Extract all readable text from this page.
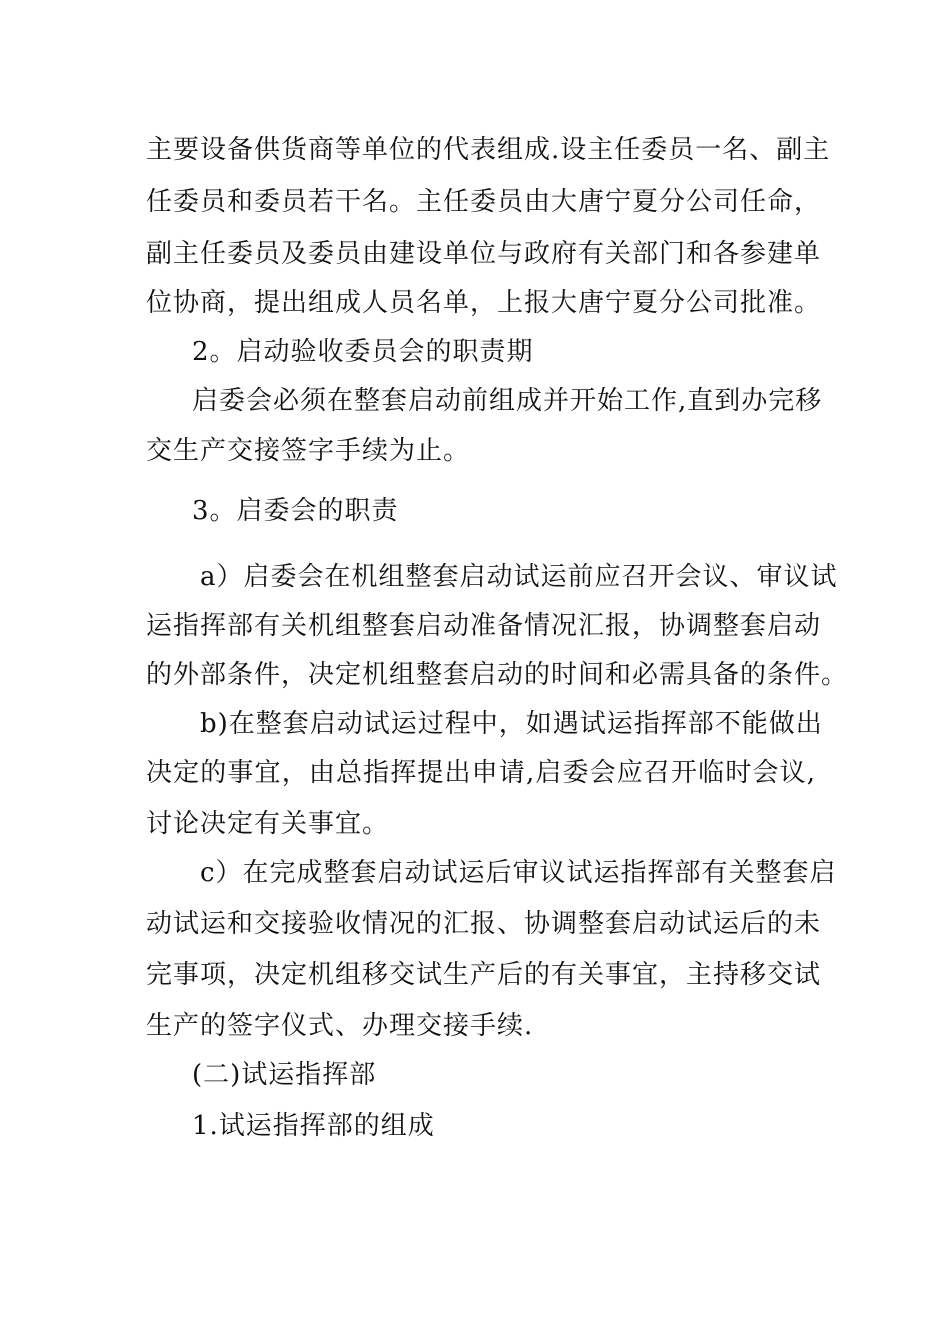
主要设备供货商等单位的代表组成.设主任委员一名、副主
任委员和委员若干名。主任委员由大唐宁夏分公司任命，
副主任委员及委员由建设单位与政府有关部门和各参建单
位协商，提出组成人员名单，上报大唐宁夏分公司批准。
2。启动验收委员会的职责期
启委会必须在整套启动前组成并开始工作,直到办完移
交生产交接签字手续为止。
3。启委会的职责
a）启委会在机组整套启动试运前应召开会议、审议试
运指挥部有关机组整套启动准备情况汇报，协调整套启动
的外部条件，决定机组整套启动的时间和必需具备的条件。
b)在整套启动试运过程中，如遇试运指挥部不能做出
决定的事宜，由总指挥提出申请,启委会应召开临时会议,
讨论决定有关事宜。
c）在完成整套启动试运后审议试运指挥部有关整套启
动试运和交接验收情况的汇报、协调整套启动试运后的未
完事项，决定机组移交试生产后的有关事宜，主持移交试
生产的签字仪式、办理交接手续.
(二)试运指挥部
1.试运指挥部的组成
